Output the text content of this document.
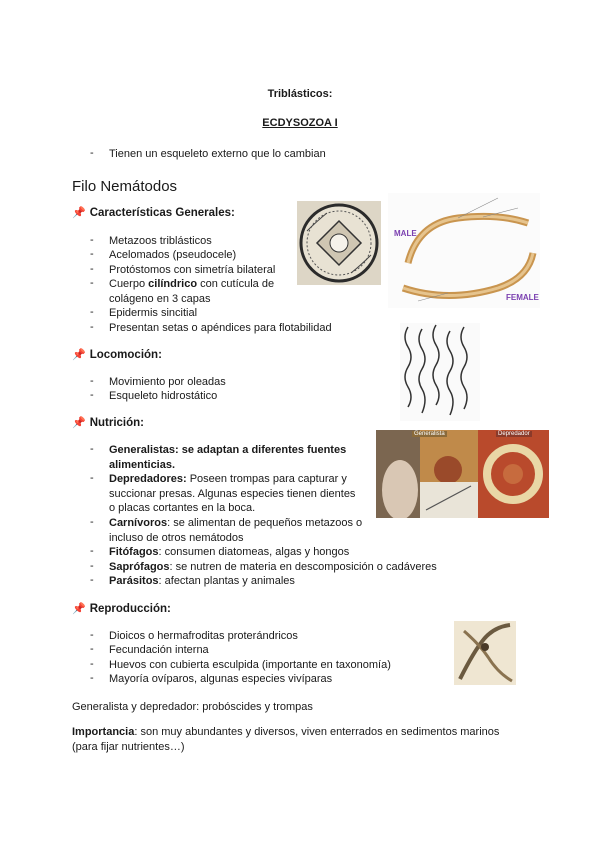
Triblásticos:
ECDYSOZOA I
- Tienen un esqueleto externo que lo cambian
Filo Nemátodos
📌 Características Generales:
- Metazoos triblásticos
- Acelomados (pseudocele)
- Protóstomos con simetría bilateral
- Cuerpo cilíndrico con cutícula de
colágeno en 3 capas
- Epidermis sincitial
- Presentan setas o apéndices para flotabilidad
MALE
FEMALE
📌 Locomoción:
- Movimiento por oleadas
- Esqueleto hidrostático
📌 Nutrición:
- Generalistas: se adaptan a diferentes fuentes
alimenticias.
- Depredadores: Poseen trompas para capturar y
succionar presas. Algunas especies tienen dientes
o placas cortantes en la boca.
- Carnívoros: se alimentan de pequeños metazoos o
incluso de otros nemátodos
- Fitófagos: consumen diatomeas, algas y hongos
- Saprófagos: se nutren de materia en descomposición o cadáveres
- Parásitos: afectan plantas y animales
Generalista	Depredador
📌 Reproducción:
- Dioicos o hermafroditas proterándricos
- Fecundación interna
- Huevos con cubierta esculpida (importante en taxonomía)
- Mayoría ovíparos, algunas especies vivíparas
Generalista y depredador: probóscides y trompas
Importancia: son muy abundantes y diversos, viven enterrados en sedimentos marinos
(para fijar nutrientes…)
